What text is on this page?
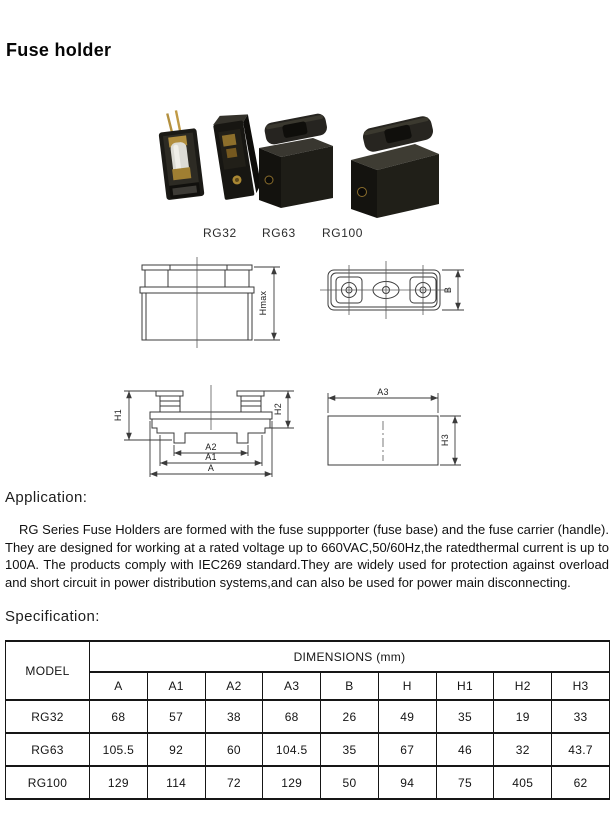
Fuse holder
RG32 RG63 RG100
Hmax
B
H1	H2
A2
A1
A
A3
H3
Application:

RG Series Fuse Holders are formed with the fuse suppporter (fuse base) and the fuse carrier (handle). They are designed for working at a rated voltage up to 660VAC,50/60Hz,the ratedthermal current is up to 100A. The products comply with IEC269 standard.They are widely used for protection against overload and short circuit in power distribution systems,and can also be used for power main disconnecting.

Specification:
MODEL	DIMENSIONS (mm)								
	A	A1	A2	A3	B	H	H1	H2	H3
RG32	68	57	38	68	26	49	35	19	33
RG63	105.5	92	60	104.5	35	67	46	32	43.7
RG100	129	114	72	129	50	94	75	405	62
